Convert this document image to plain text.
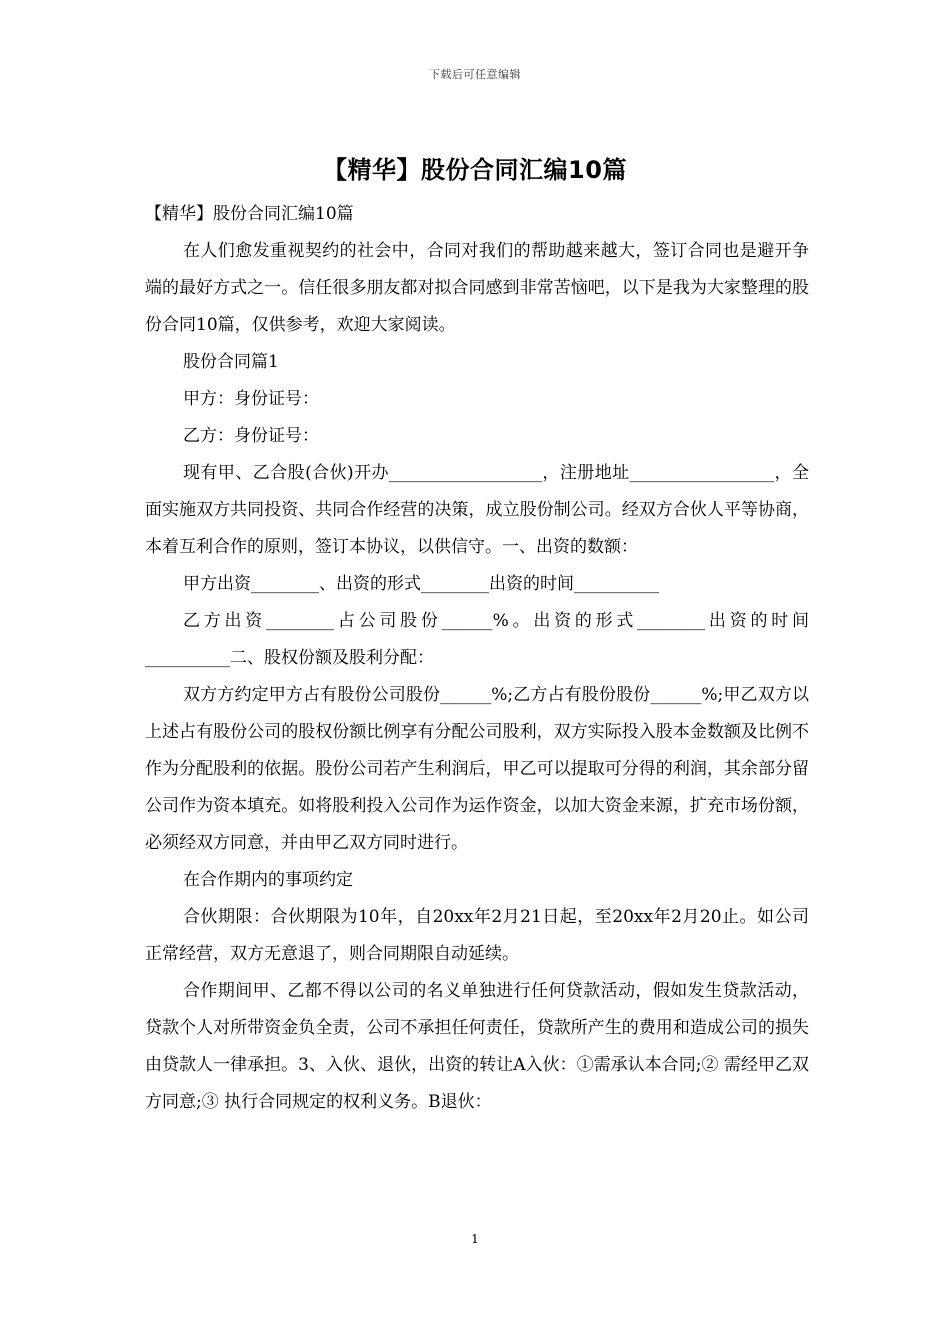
下载后可任意编辑
【精华】股份合同汇编10篇

【精华】股份合同汇编10篇

在人们愈发重视契约的社会中，合同对我们的帮助越来越大，签订合同也是避开争端的最好方式之一。信任很多朋友都对拟合同感到非常苦恼吧，以下是我为大家整理的股份合同10篇，仅供参考，欢迎大家阅读。

股份合同篇1

甲方：身份证号：

乙方：身份证号：

现有甲、乙合股(合伙)开办__________________，注册地址_________________，全面实施双方共同投资、共同合作经营的决策，成立股份制公司。经双方合伙人平等协商，本着互利合作的原则，签订本协议，以供信守。一、出资的数额：

甲方出资________、出资的形式________出资的时间__________

乙方出资________占公司股份______%。出资的形式________出资的时间__________二、股权份额及股利分配：

双方方约定甲方占有股份公司股份______%;乙方占有股份股份______%;甲乙双方以上述占有股份公司的股权份额比例享有分配公司股利，双方实际投入股本金数额及比例不作为分配股利的依据。股份公司若产生利润后，甲乙可以提取可分得的利润，其余部分留公司作为资本填充。如将股利投入公司作为运作资金，以加大资金来源，扩充市场份额，必须经双方同意，并由甲乙双方同时进行。

在合作期内的事项约定

合伙期限：合伙期限为10年，自20xx年2月21日起，至20xx年2月20止。如公司正常经营，双方无意退了，则合同期限自动延续。

合作期间甲、乙都不得以公司的名义单独进行任何贷款活动，假如发生贷款活动，贷款个人对所带资金负全责，公司不承担任何责任，贷款所产生的费用和造成公司的损失由贷款人一律承担。3、入伙、退伙，出资的转让A入伙：①需承认本合同;② 需经甲乙双方同意;③ 执行合同规定的权利义务。B退伙：

1
